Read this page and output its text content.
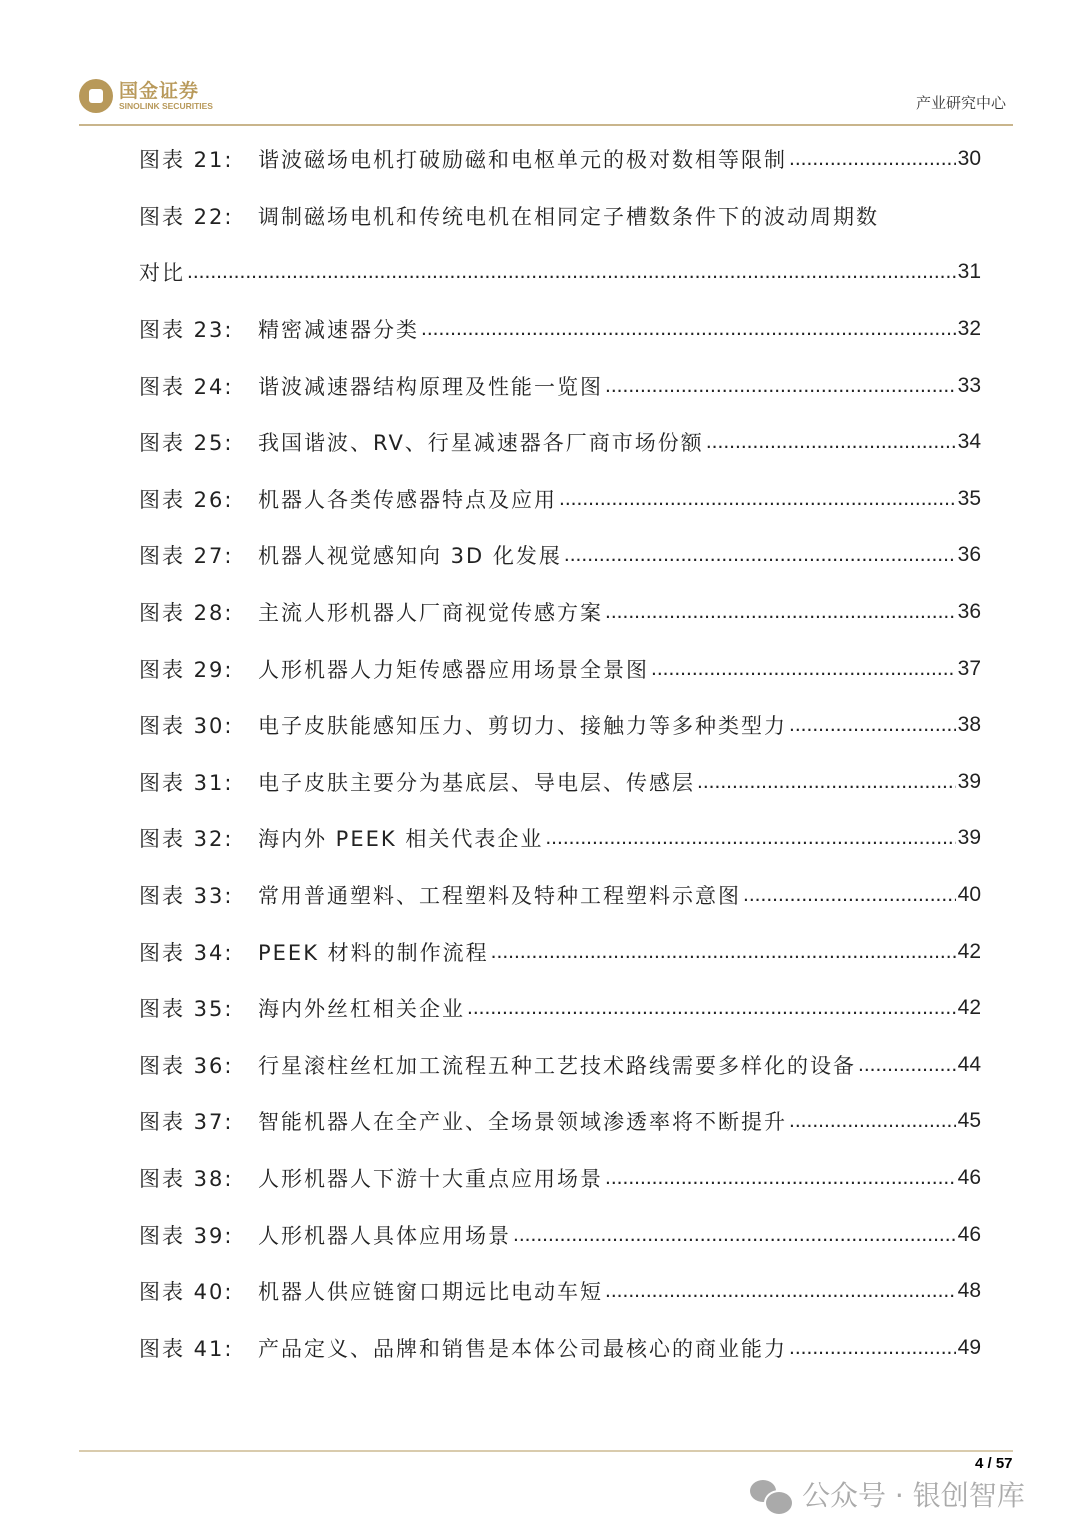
国金证券
SINOLINK SECURITIES	产业研究中心
图表 21:	谐波磁场电机打破励磁和电枢单元的极对数相等限制 .....	30
图表 22:	调制磁场电机和传统电机在相同定子槽数条件下的波动周期数
对比 .....	31
图表 23:	精密减速器分类 .....	32
图表 24:	谐波减速器结构原理及性能一览图 .....	33
图表 25:	我国谐波、RV、行星减速器各厂商市场份额 .....	34
图表 26:	机器人各类传感器特点及应用 .....	35
图表 27:	机器人视觉感知向 3D 化发展 .....	36
图表 28:	主流人形机器人厂商视觉传感方案 .....	36
图表 29:	人形机器人力矩传感器应用场景全景图 .....	37
图表 30:	电子皮肤能感知压力、剪切力、接触力等多种类型力 .....	38
图表 31:	电子皮肤主要分为基底层、导电层、传感层 .....	39
图表 32:	海内外 PEEK 相关代表企业 .....	39
图表 33:	常用普通塑料、工程塑料及特种工程塑料示意图 .....	40
图表 34:	PEEK 材料的制作流程 .....	42
图表 35:	海内外丝杠相关企业 .....	42
图表 36:	行星滚柱丝杠加工流程五种工艺技术路线需要多样化的设备 .....	44
图表 37:	智能机器人在全产业、全场景领域渗透率将不断提升 .....	45
图表 38:	人形机器人下游十大重点应用场景 .....	46
图表 39:	人形机器人具体应用场景 .....	46
图表 40:	机器人供应链窗口期远比电动车短 .....	48
图表 41:	产品定义、品牌和销售是本体公司最核心的商业能力 .....	49
4 / 57
公众号 · 银创智库
